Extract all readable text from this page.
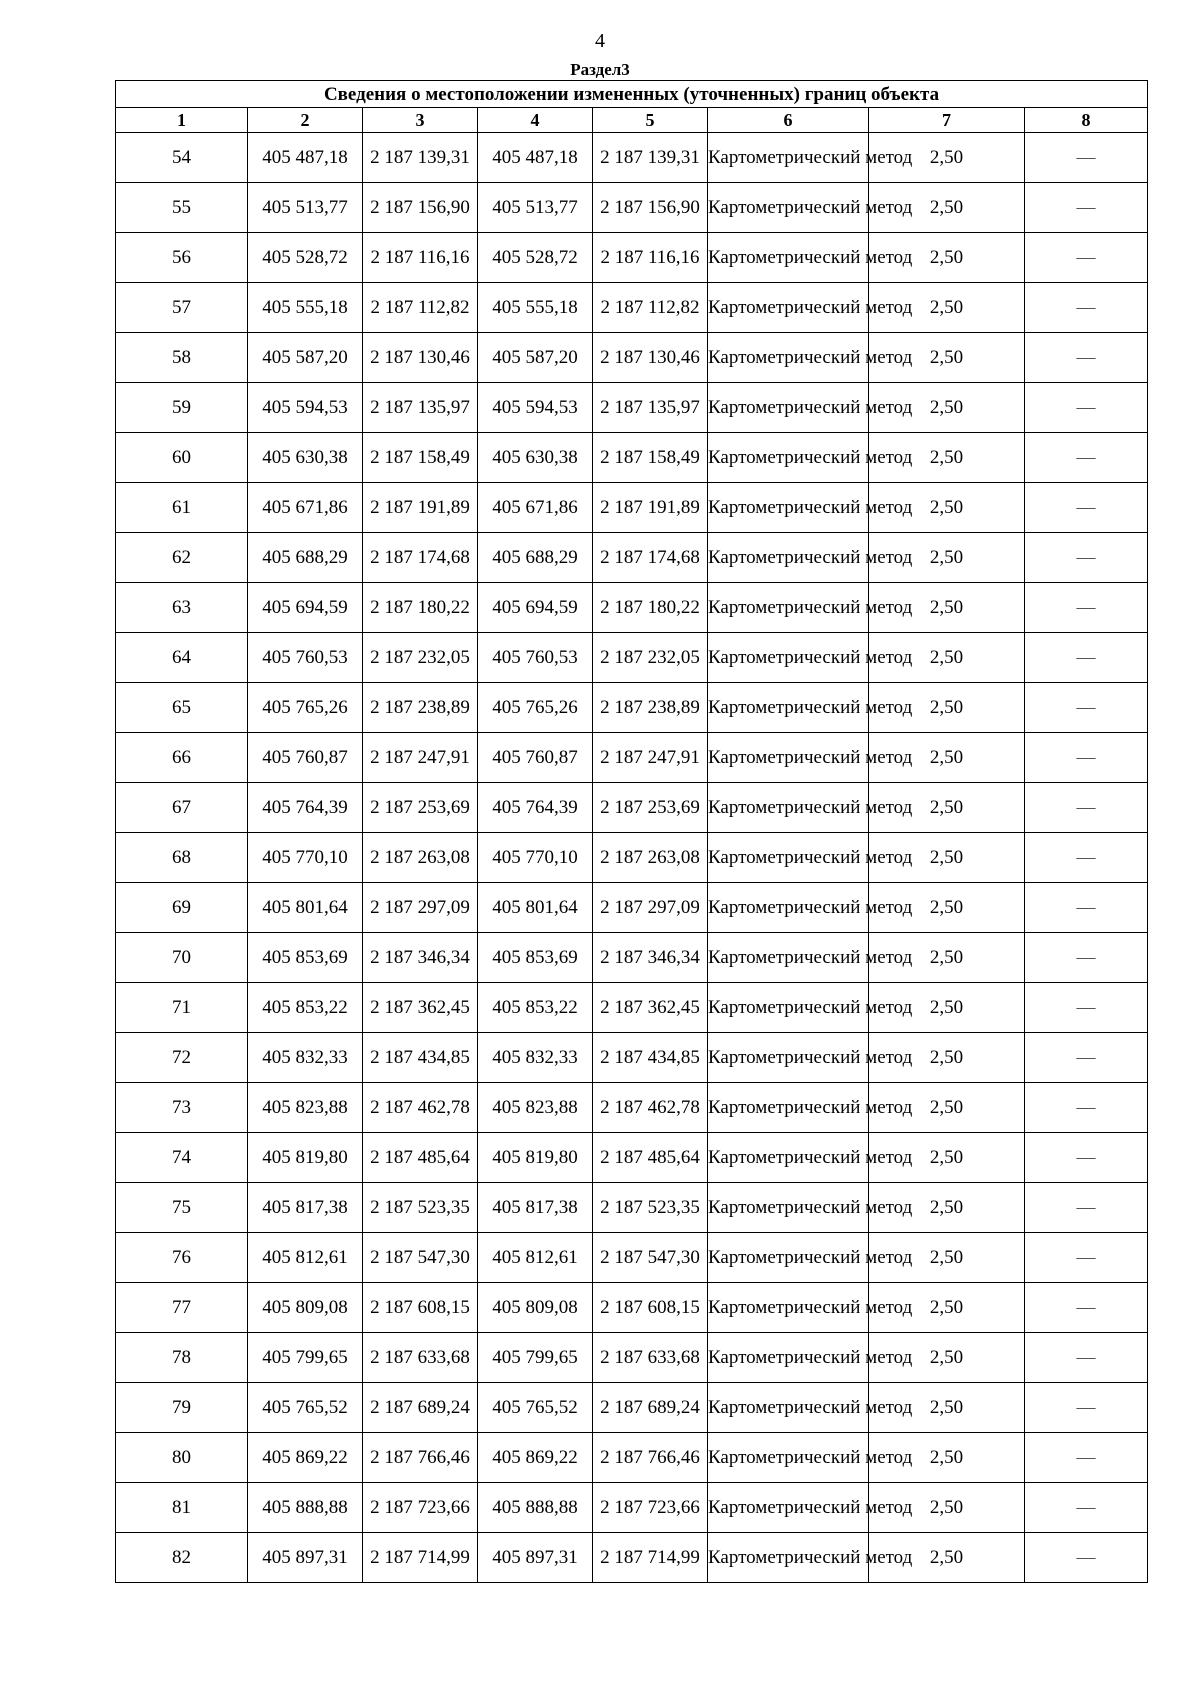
4
Раздел3
Сведения о местоположении измененных (уточненных) границ объекта							
1	2	3	4	5	6	7	8
54	405 487,18	2 187 139,31	405 487,18	2 187 139,31	Картометрический метод	2,50	—
55	405 513,77	2 187 156,90	405 513,77	2 187 156,90	Картометрический метод	2,50	—
56	405 528,72	2 187 116,16	405 528,72	2 187 116,16	Картометрический метод	2,50	—
57	405 555,18	2 187 112,82	405 555,18	2 187 112,82	Картометрический метод	2,50	—
58	405 587,20	2 187 130,46	405 587,20	2 187 130,46	Картометрический метод	2,50	—
59	405 594,53	2 187 135,97	405 594,53	2 187 135,97	Картометрический метод	2,50	—
60	405 630,38	2 187 158,49	405 630,38	2 187 158,49	Картометрический метод	2,50	—
61	405 671,86	2 187 191,89	405 671,86	2 187 191,89	Картометрический метод	2,50	—
62	405 688,29	2 187 174,68	405 688,29	2 187 174,68	Картометрический метод	2,50	—
63	405 694,59	2 187 180,22	405 694,59	2 187 180,22	Картометрический метод	2,50	—
64	405 760,53	2 187 232,05	405 760,53	2 187 232,05	Картометрический метод	2,50	—
65	405 765,26	2 187 238,89	405 765,26	2 187 238,89	Картометрический метод	2,50	—
66	405 760,87	2 187 247,91	405 760,87	2 187 247,91	Картометрический метод	2,50	—
67	405 764,39	2 187 253,69	405 764,39	2 187 253,69	Картометрический метод	2,50	—
68	405 770,10	2 187 263,08	405 770,10	2 187 263,08	Картометрический метод	2,50	—
69	405 801,64	2 187 297,09	405 801,64	2 187 297,09	Картометрический метод	2,50	—
70	405 853,69	2 187 346,34	405 853,69	2 187 346,34	Картометрический метод	2,50	—
71	405 853,22	2 187 362,45	405 853,22	2 187 362,45	Картометрический метод	2,50	—
72	405 832,33	2 187 434,85	405 832,33	2 187 434,85	Картометрический метод	2,50	—
73	405 823,88	2 187 462,78	405 823,88	2 187 462,78	Картометрический метод	2,50	—
74	405 819,80	2 187 485,64	405 819,80	2 187 485,64	Картометрический метод	2,50	—
75	405 817,38	2 187 523,35	405 817,38	2 187 523,35	Картометрический метод	2,50	—
76	405 812,61	2 187 547,30	405 812,61	2 187 547,30	Картометрический метод	2,50	—
77	405 809,08	2 187 608,15	405 809,08	2 187 608,15	Картометрический метод	2,50	—
78	405 799,65	2 187 633,68	405 799,65	2 187 633,68	Картометрический метод	2,50	—
79	405 765,52	2 187 689,24	405 765,52	2 187 689,24	Картометрический метод	2,50	—
80	405 869,22	2 187 766,46	405 869,22	2 187 766,46	Картометрический метод	2,50	—
81	405 888,88	2 187 723,66	405 888,88	2 187 723,66	Картометрический метод	2,50	—
82	405 897,31	2 187 714,99	405 897,31	2 187 714,99	Картометрический метод	2,50	—
